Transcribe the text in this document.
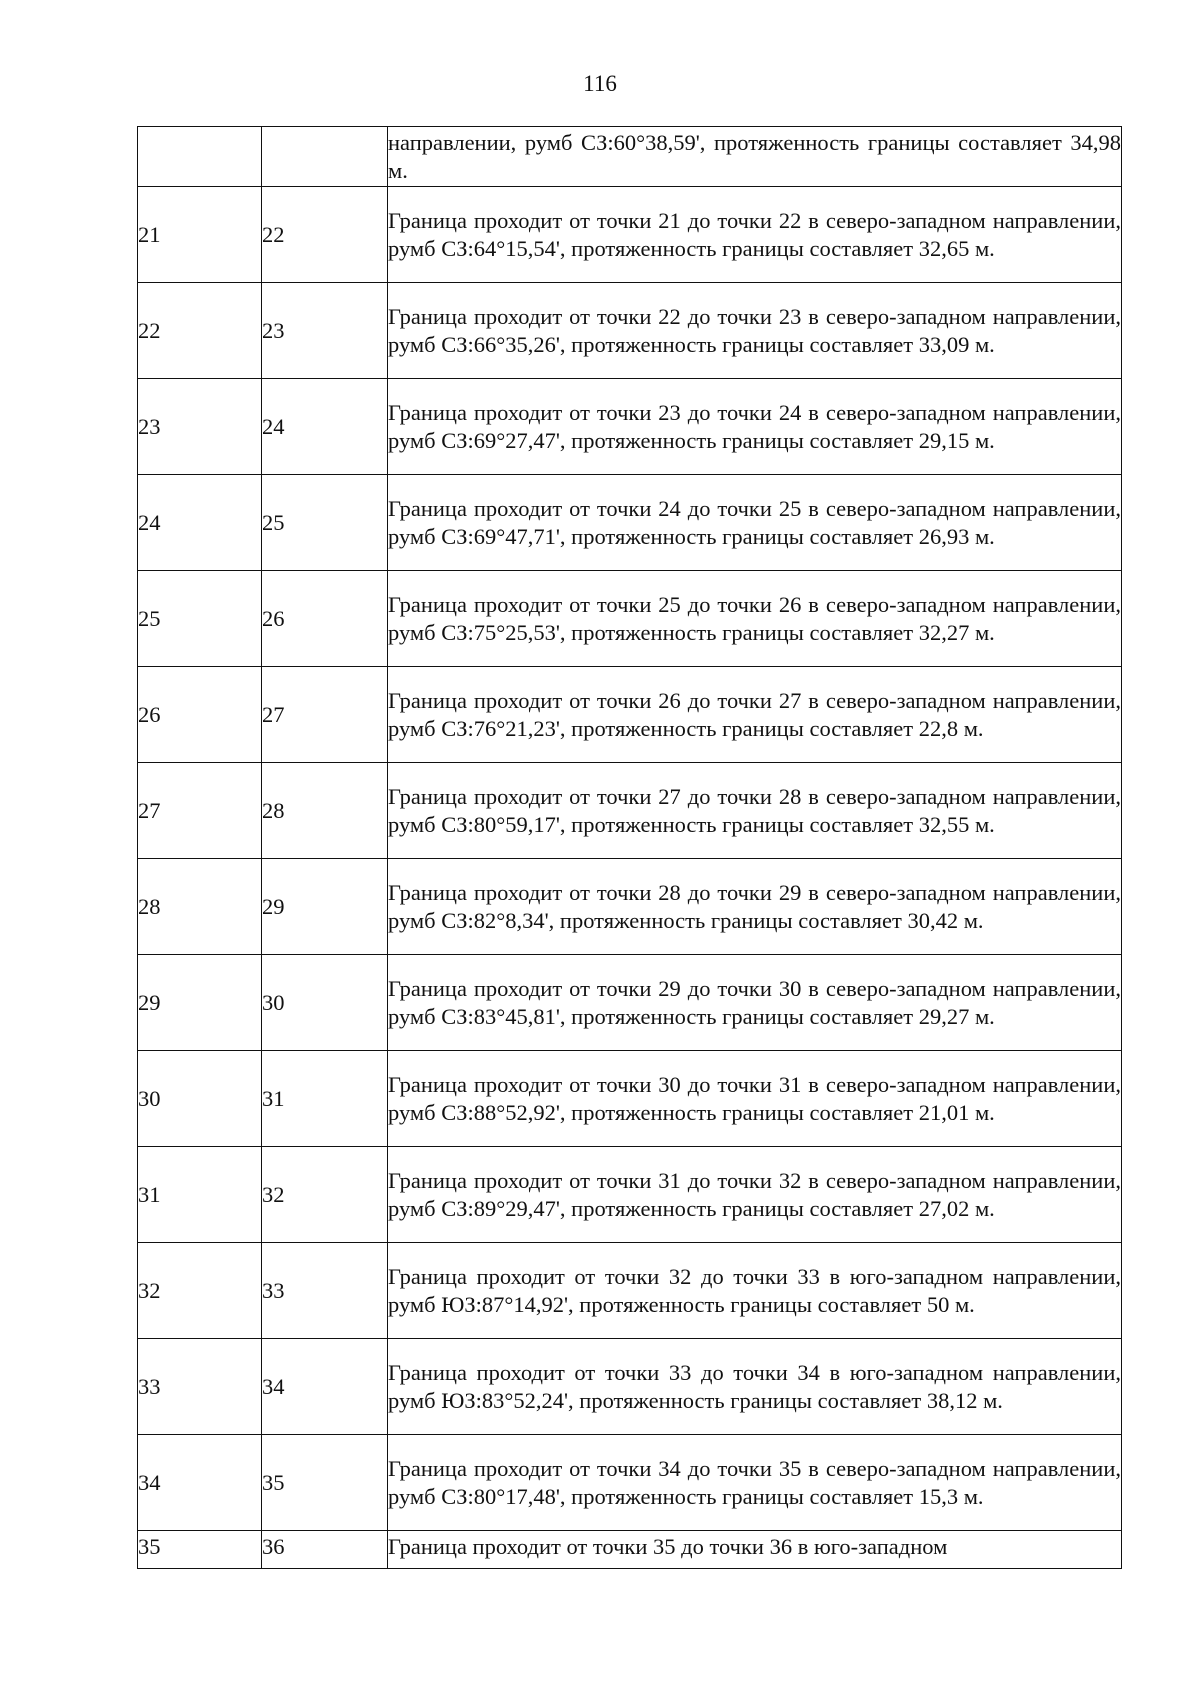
116
		направлении, румб СЗ:60°38,59', протяженность границы составляет 34,98 м.
21	22	Граница проходит от точки 21 до точки 22 в северо-западном направлении, румб СЗ:64°15,54', протяженность границы составляет 32,65 м.
22	23	Граница проходит от точки 22 до точки 23 в северо-западном направлении, румб СЗ:66°35,26', протяженность границы составляет 33,09 м.
23	24	Граница проходит от точки 23 до точки 24 в северо-западном направлении, румб СЗ:69°27,47', протяженность границы составляет 29,15 м.
24	25	Граница проходит от точки 24 до точки 25 в северо-западном направлении, румб СЗ:69°47,71', протяженность границы составляет 26,93 м.
25	26	Граница проходит от точки 25 до точки 26 в северо-западном направлении, румб СЗ:75°25,53', протяженность границы составляет 32,27 м.
26	27	Граница проходит от точки 26 до точки 27 в северо-западном направлении, румб СЗ:76°21,23', протяженность границы составляет 22,8 м.
27	28	Граница проходит от точки 27 до точки 28 в северо-западном направлении, румб СЗ:80°59,17', протяженность границы составляет 32,55 м.
28	29	Граница проходит от точки 28 до точки 29 в северо-западном направлении, румб СЗ:82°8,34', протяженность границы составляет 30,42 м.
29	30	Граница проходит от точки 29 до точки 30 в северо-западном направлении, румб СЗ:83°45,81', протяженность границы составляет 29,27 м.
30	31	Граница проходит от точки 30 до точки 31 в северо-западном направлении, румб СЗ:88°52,92', протяженность границы составляет 21,01 м.
31	32	Граница проходит от точки 31 до точки 32 в северо-западном направлении, румб СЗ:89°29,47', протяженность границы составляет 27,02 м.
32	33	Граница проходит от точки 32 до точки 33 в юго-западном направлении, румб ЮЗ:87°14,92', протяженность границы составляет 50 м.
33	34	Граница проходит от точки 33 до точки 34 в юго-западном направлении, румб ЮЗ:83°52,24', протяженность границы составляет 38,12 м.
34	35	Граница проходит от точки 34 до точки 35 в северо-западном направлении, румб СЗ:80°17,48', протяженность границы составляет 15,3 м.
35	36	Граница проходит от точки 35 до точки 36 в юго-западном
